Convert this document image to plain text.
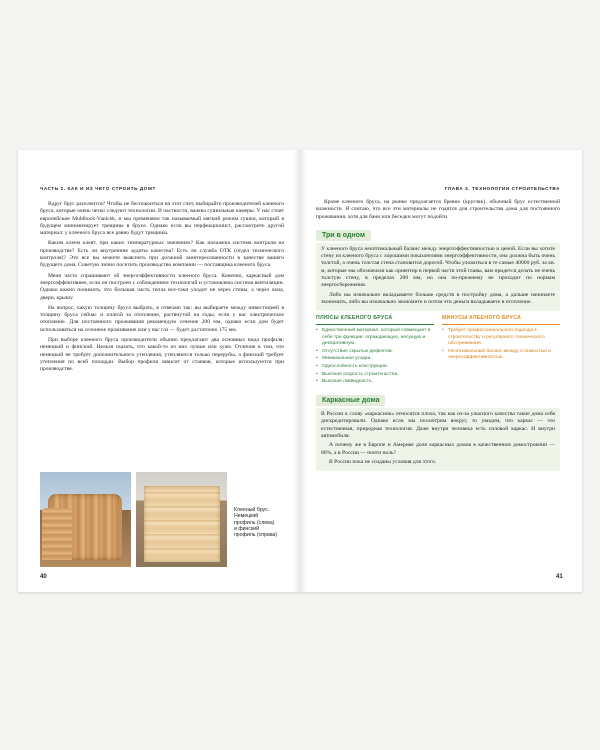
ЧАСТЬ 2. КАК И ИЗ ЧЕГО СТРОИТЬ ДОМ?

Вдруг брус расклеится? Чтобы не беспокоиться на этот счет, выбирайте производителей клееного бруса, которые очень четко следуют технологии. В частности, важны сушильные камеры. У нас стоят европейские Muhlbock-Vanicek, и мы применяем так называемый мягкий режим сушки, который в будущем минимизирует трещины в брусе. Однако если вы перфекционист, рассмотрите другой материал: у клееного бруса все равно будут трещины.

Каким клеем клеят, при каких температурных значениях? Как налажена система контроля на производстве? Есть ли внутренние аудиты качества? Есть ли служба ОТК (отдел технического контроля)? Это все вы можете выяснить при должной заинтересованности в качестве вашего будущего дома. Советую лично посетить производство компании — поставщика клееного бруса.

Меня часто спрашивают об энергоэффективности клееного бруса. Конечно, каркасный дом энергоэффективнее, если он построен с соблюдением технологий и установлена система вентиляции. Однако важно понимать, что большая часть тепла все-таки уходит не через стены, а через окна, двери, крышу.

На вопрос, какую толщину бруса выбрать, я отвечаю так: вы выбираете между инвестицией в толщину бруса сейчас и платой за отопление, растянутой на годы, если у вас электрическое отопление. Для постоянного проживания рекомендую сечение 200 мм, однако если дом будет использоваться на сезонное проживание или у вас газ — будет достаточно 175 мм.

При выборе клееного бруса производители обычно предлагают два основных вида профиля: немецкий и финский. Нельзя сказать, что какой-то из них лучше или хуже. Отличие в том, что немецкий не требует дополнительного утепления, утепляются только перерубы, а финский требует утепления по всей площади. Выбор профиля зависит от станков, которые используются при производстве.

Клееный брус. Немецкий профиль (слева) и финский профиль (справа)
40
ГЛАВА 3. ТЕХНОЛОГИИ СТРОИТЕЛЬСТВА

Кроме клееного бруса, на рынке предлагается бревно (кругляк), обычный брус естественной влажности. Я считаю, что все эти материалы не годятся для строительства дома для постоянного проживания, хотя для бани или беседки могут подойти.

Три в одном

У клееного бруса неоптимальный баланс между энергоэффективностью и ценой. Если вы хотите стену из клееного бруса с хорошими показателями энергоэффективности, она должна быть очень толстой, а очень толстая стена становится дорогой. Чтобы уложиться в те самые 40000 руб. за кв. м, которые мы обозначили как ориентир в первой части этой главы, вам придется делать не очень толстую стену, в пределах 200 мм, но она по-прежнему не проходит по нормам энергосбережения.

Либо вы изначально вкладываете больше средств в постройку дома, а дальше начинаете экономить, либо вы изначально экономите и потом эти деньги вкладываете в отопление.

ПЛЮСЫ КЛЕЕНОГО БРУСА
• Единственный материал, который совмещает в себе три функции: ограждающую, несущую и декоративную.
• Отсутствие скрытых дефектов.
• Минимальная усадка.
• Однослойность конструкции.
• Высокая скорость строительства.
• Высокая ликвидность.
МИНУСЫ КЛЕЕНОГО БРУСА
• Требует профессионального подхода к строительству и регулярного технического обслуживания.
• Неоптимальный баланс между стоимостью и энергоэффективностью.
Каркасные дома

В России к слову «каркасник» относятся плохо, так как из-за ужасного качества такие дома себя дискредитировали. Однако если мы посмотрим вокруг, то увидим, что каркас — это естественная, природная технология. Даже внутри человека есть силовой каркас. И внутри автомобиля.

А почему же в Европе и Америке доля каркасных домов в качественном домостроении — 80%, а в России — почти ноль?

В России пока не созданы условия для этого.

41
